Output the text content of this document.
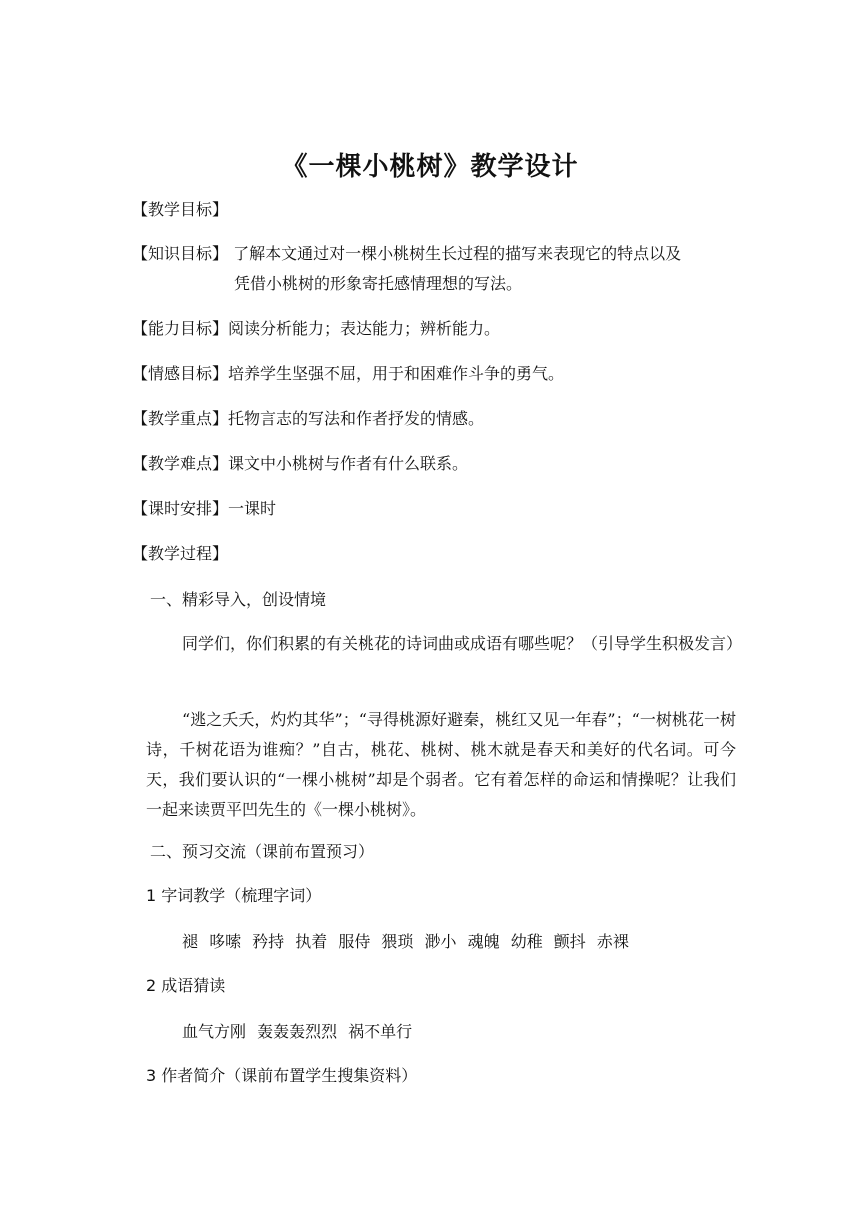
《一棵小桃树》教学设计
【教学目标】
【知识目标】 了解本文通过对一棵小桃树生长过程的描写来表现它的特点以及
凭借小桃树的形象寄托感情理想的写法。
【能力目标】阅读分析能力；表达能力；辨析能力。
【情感目标】培养学生坚强不屈，用于和困难作斗争的勇气。
【教学重点】托物言志的写法和作者抒发的情感。
【教学难点】课文中小桃树与作者有什么联系。
【课时安排】一课时
【教学过程】
一、精彩导入，创设情境
同学们，你们积累的有关桃花的诗词曲或成语有哪些呢？（引导学生积极发言）
“逃之夭夭，灼灼其华”；“寻得桃源好避秦，桃红又见一年春”；“一树桃花一树诗，千树花语为谁痴？”自古，桃花、桃树、桃木就是春天和美好的代名词。可今天，我们要认识的“一棵小桃树”却是个弱者。它有着怎样的命运和情操呢？让我们一起来读贾平凹先生的《一棵小桃树》。
二、预习交流（课前布置预习）
1 字词教学（梳理字词）
褪 哆嗦 矜持 执着 服侍 猥琐 渺小 魂魄 幼稚 颤抖 赤裸
2 成语猜读
血气方刚 轰轰轰烈烈 祸不单行
3 作者简介（课前布置学生搜集资料）
